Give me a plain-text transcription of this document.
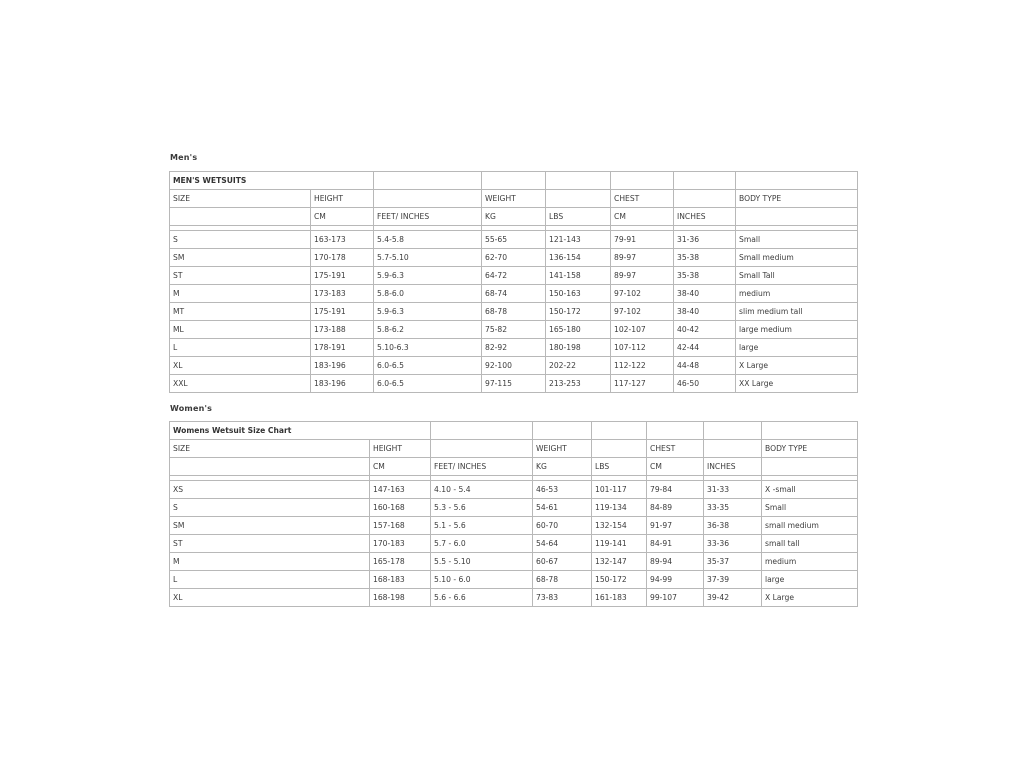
Men's
MEN'S WETSUITS							
SIZE	HEIGHT		WEIGHT		CHEST		BODY TYPE
	CM	FEET/ INCHES	KG	LBS	CM	INCHES	

S	163-173	5.4-5.8	55-65	121-143	79-91	31-36	Small
SM	170-178	5.7-5.10	62-70	136-154	89-97	35-38	Small medium
ST	175-191	5.9-6.3	64-72	141-158	89-97	35-38	Small Tall
M	173-183	5.8-6.0	68-74	150-163	97-102	38-40	medium
MT	175-191	5.9-6.3	68-78	150-172	97-102	38-40	slim medium tall
ML	173-188	5.8-6.2	75-82	165-180	102-107	40-42	large medium
L	178-191	5.10-6.3	82-92	180-198	107-112	42-44	large
XL	183-196	6.0-6.5	92-100	202-22	112-122	44-48	X Large
XXL	183-196	6.0-6.5	97-115	213-253	117-127	46-50	XX Large
Women's
Womens Wetsuit Size Chart							
SIZE	HEIGHT		WEIGHT		CHEST		BODY TYPE
	CM	FEET/ INCHES	KG	LBS	CM	INCHES	

XS	147-163	4.10 - 5.4	46-53	101-117	79-84	31-33	X -small
S	160-168	5.3 - 5.6	54-61	119-134	84-89	33-35	Small
SM	157-168	5.1 - 5.6	60-70	132-154	91-97	36-38	small medium
ST	170-183	5.7 - 6.0	54-64	119-141	84-91	33-36	small tall
M	165-178	5.5 - 5.10	60-67	132-147	89-94	35-37	medium
L	168-183	5.10 - 6.0	68-78	150-172	94-99	37-39	large
XL	168-198	5.6 - 6.6	73-83	161-183	99-107	39-42	X Large
